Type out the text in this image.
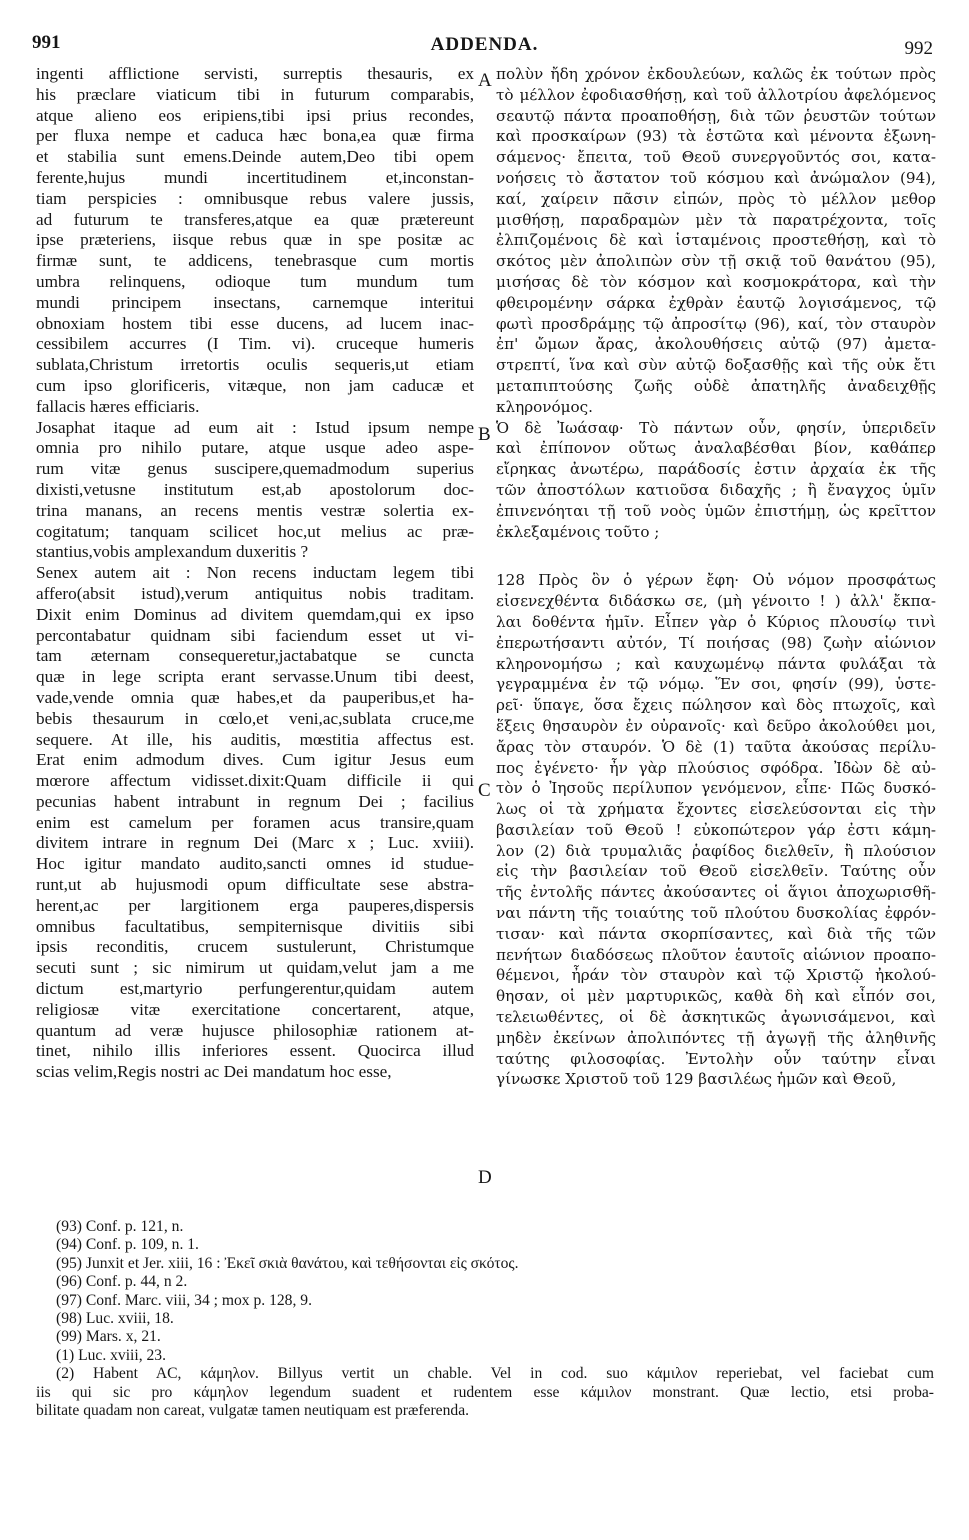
991	ADDENDA.	992
A
B
C
D
ingenti afflictione servisti, surreptis thesauris, ex
his præclare viaticum tibi in futurum comparabis,
atque alieno eos eripiens,tibi ipsi prius recondes,
per fluxa nempe et caduca hæc bona,ea quæ firma
et stabilia sunt emens.Deinde autem,Deo tibi opem
ferente,hujus mundi incertitudinem et,inconstan-
tiam perspicies : omnibusque rebus valere jussis,
ad futurum te transferes,atque ea quæ prætereunt
ipse præteriens, iisque rebus quæ in spe positæ ac
firmæ sunt, te addicens, tenebrasque cum mortis
umbra relinquens, odioque tum mundum tum
mundi principem insectans, carnemque interitui
obnoxiam hostem tibi esse ducens, ad lucem inac-
cessibilem accurres (I Tim. vi). cruceque humeris
sublata,Christum irretortis oculis sequeris,ut etiam
cum ipso glorificeris, vitæque, non jam caducæ et
fallacis hæres efficiaris.
Josaphat itaque ad eum ait : Istud ipsum nempe
omnia pro nihilo putare, atque usque adeo aspe-
rum vitæ genus suscipere,quemadmodum superius
dixisti,vetusne institutum est,ab apostolorum doc-
trina manans, an recens mentis vestræ solertia ex-
cogitatum; tanquam scilicet hoc,ut melius ac præ-
stantius,vobis amplexandum duxeritis ?
Senex autem ait : Non recens inductam legem tibi
affero(absit istud),verum antiquitus nobis traditam.
Dixit enim Dominus ad divitem quemdam,qui ex ipso
percontabatur quidnam sibi faciendum esset ut vi-
tam æternam consequeretur,jactabatque se cuncta
quæ in lege scripta erant servasse.Unum tibi deest,
vade,vende omnia quæ habes,et da pauperibus,et ha-
bebis thesaurum in cœlo,et veni,ac,sublata cruce,me
sequere. At ille, his auditis, mœstitia affectus est.
Erat enim admodum dives. Cum igitur Jesus eum
mœrore affectum vidisset.dixit:Quam difficile ii qui
pecunias habent intrabunt in regnum Dei ; facilius
enim est camelum per foramen acus transire,quam
divitem intrare in regnum Dei (Marc x ; Luc. xviii).
Hoc igitur mandato audito,sancti omnes id studue-
runt,ut ab hujusmodi opum difficultate sese abstra-
herent,ac per largitionem erga pauperes,dispersis
omnibus facultatibus, sempiternisque divitiis sibi
ipsis reconditis, crucem sustulerunt, Christumque
secuti sunt ; sic nimirum ut quidam,velut jam a me
dictum est,martyrio perfungerentur,quidam autem
religiosæ vitæ exercitatione concertarent, atque,
quantum ad veræ hujusce philosophiæ rationem at-
tinet, nihilo illis inferiores essent. Quocirca illud
scias velim,Regis nostri ac Dei mandatum hoc esse,
πολὺν ἤδη χρόνον ἐκδουλεύων, καλῶς ἐκ τούτων πρὸς
τὸ μέλλον ἐφοδιασθήσῃ, καὶ τοῦ ἀλλοτρίου ἀφελόμενος
σεαυτῷ πάντα προαποθήσῃ, διὰ τῶν ῥευστῶν τούτων
καὶ προσκαίρων (93) τὰ ἑστῶτα καὶ μένοντα ἐξωνη-
σάμενος· ἔπειτα, τοῦ Θεοῦ συνεργοῦντός σοι, κατα-
νοήσεις τὸ ἄστατον τοῦ κόσμου καὶ ἀνώμαλον (94),
καί, χαίρειν πᾶσιν εἰπών, πρὸς τὸ μέλλον μεθορ
μισθήσῃ, παραδραμὼν μὲν τὰ παρατρέχοντα, τοῖς
ἐλπιζομένοις δὲ καὶ ἱσταμένοις προστεθήσῃ, καὶ τὸ
σκότος μὲν ἀπολιπὼν σὺν τῇ σκιᾷ τοῦ θανάτου (95),
μισήσας δὲ τὸν κόσμον καὶ κοσμοκράτορα, καὶ τὴν
φθειρομένην σάρκα ἐχθρὰν ἑαυτῷ λογισάμενος, τῷ
φωτὶ προσδράμῃς τῷ ἀπροσίτῳ (96), καί, τὸν σταυρὸν
ἐπ' ὤμων ἄρας, ἀκολουθήσεις αὐτῷ (97) ἀμετα-
στρεπτί, ἵνα καὶ σὺν αὐτῷ δοξασθῇς καὶ τῆς οὐκ ἔτι
μεταπιπτούσης ζωῆς οὐδὲ ἀπατηλῆς ἀναδειχθῇς
κληρονόμος.
Ὁ δὲ Ἰωάσαφ· Τὸ πάντων οὖν, φησίν, ὑπεριδεῖν
καὶ ἐπίπονον οὕτως ἀναλαβέσθαι βίον, καθάπερ
εἴρηκας ἀνωτέρω, παράδοσίς ἐστιν ἀρχαία ἐκ τῆς
τῶν ἀποστόλων κατιοῦσα διδαχῆς ; ἢ ἔναγχος ὑμῖν
ἐπινενόηται τῇ τοῦ νοὸς ὑμῶν ἐπιστήμῃ, ὡς κρεῖττον
ἐκλεξαμένοις τοῦτο ;
128 Πρὸς ὃν ὁ γέρων ἔφη· Οὐ νόμον προσφάτως
εἰσενεχθέντα διδάσκω σε, (μὴ γένοιτο ! ) ἀλλ' ἔκπα-
λαι δοθέντα ἡμῖν. Εἶπεν γὰρ ὁ Κύριος πλουσίῳ τινὶ
ἐπερωτήσαντι αὐτόν, Τί ποιήσας (98) ζωὴν αἰώνιον
κληρονομήσω ; καὶ καυχωμένῳ πάντα φυλάξαι τὰ
γεγραμμένα ἐν τῷ νόμῳ. Ἕν σοι, φησίν (99), ὑστε-
ρεῖ· ὕπαγε, ὅσα ἔχεις πώλησον καὶ δὸς πτωχοῖς, καὶ
ἕξεις θησαυρὸν ἐν οὐρανοῖς· καὶ δεῦρο ἀκολούθει μοι,
ἄρας τὸν σταυρόν. Ὁ δὲ (1) ταῦτα ἀκούσας περίλυ-
πος ἐγένετο· ἦν γὰρ πλούσιος σφόδρα. Ἰδὼν δὲ αὐ-
τὸν ὁ Ἰησοῦς περίλυπον γενόμενον, εἶπε· Πῶς δυσκό-
λως οἱ τὰ χρήματα ἔχοντες εἰσελεύσονται εἰς τὴν
βασιλείαν τοῦ Θεοῦ ! εὐκοπώτερον γάρ ἐστι κάμη-
λον (2) διὰ τρυμαλιᾶς ῥαφίδος διελθεῖν, ἢ πλούσιον
εἰς τὴν βασιλείαν τοῦ Θεοῦ εἰσελθεῖν. Ταύτης οὖν
τῆς ἐντολῆς πάντες ἀκούσαντες οἱ ἅγιοι ἀποχωρισθῆ-
ναι πάντη τῆς τοιαύτης τοῦ πλούτου δυσκολίας ἐφρόν-
τισαν· καὶ πάντα σκορπίσαντες, καὶ διὰ τῆς τῶν
πενήτων διαδόσεως πλοῦτον ἑαυτοῖς αἰώνιον προαπο-
θέμενοι, ἦράν τὸν σταυρὸν καὶ τῷ Χριστῷ ἠκολού-
θησαν, οἱ μὲν μαρτυρικῶς, καθὰ δὴ καὶ εἶπόν σοι,
τελειωθέντες, οἱ δὲ ἀσκητικῶς ἀγωνισάμενοι, καὶ
μηδὲν ἐκείνων ἀπολιπόντες τῇ ἀγωγῇ τῆς ἀληθινῆς
ταύτης φιλοσοφίας. Ἐντολὴν οὖν ταύτην εἶναι
γίνωσκε Χριστοῦ τοῦ 129 βασιλέως ἡμῶν καὶ Θεοῦ,
(93) Conf. p. 121, n.
(94) Conf. p. 109, n. 1.
(95) Junxit et Jer. xiii, 16 : Ἐκεῖ σκιὰ θανάτου, καὶ τεθήσονται εἰς σκότος.
(96) Conf. p. 44, n 2.
(97) Conf. Marc. viii, 34 ; mox p. 128, 9.
(98) Luc. xviii, 18.
(99) Mars. x, 21.
(1) Luc. xviii, 23.
(2) Habent AC, κάμηλον. Billyus vertit un chable. Vel in cod. suo κάμιλον reperiebat, vel faciebat cum
iis qui sic pro κάμηλον legendum suadent et rudentem esse κάμιλον monstrant. Quæ lectio, etsi proba-
bilitate quadam non careat, vulgatæ tamen neutiquam est præferenda.
